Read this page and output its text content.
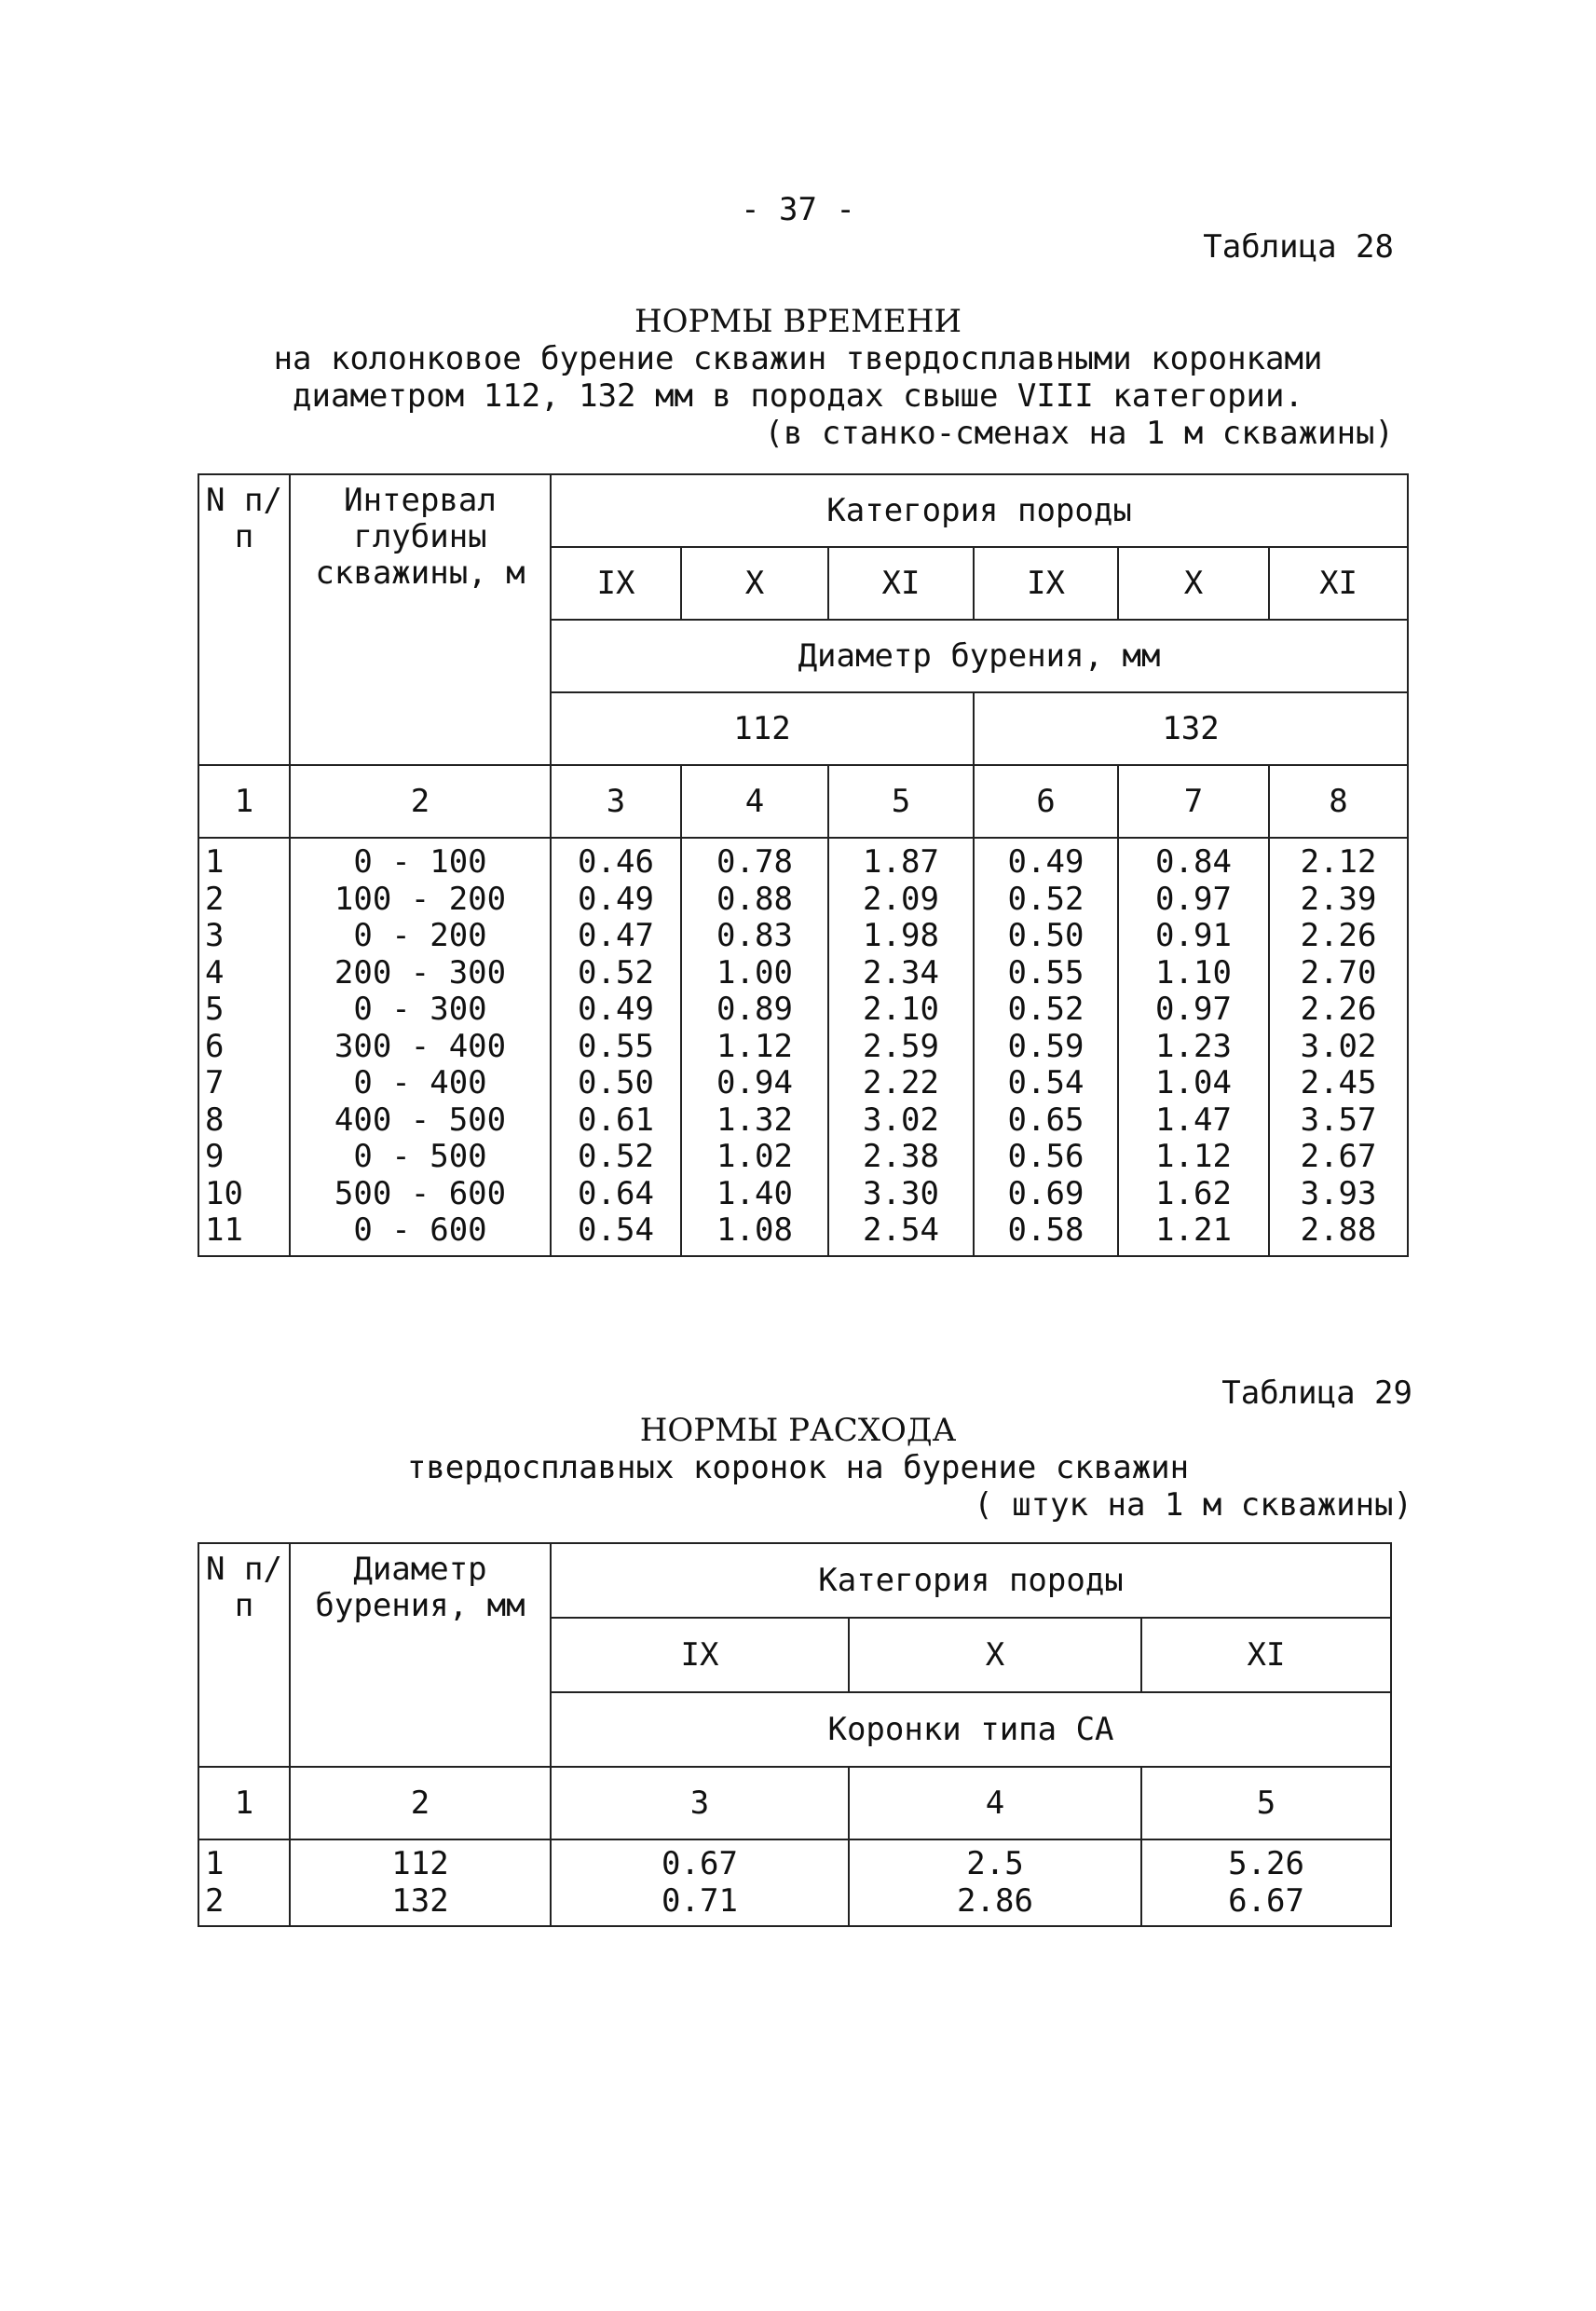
- 37 -
Таблица 28
НОРМЫ ВРЕМЕНИ
на колонковое бурение скважин твердосплавными коронками
диаметром 112, 132 мм в породах свыше VIII категории.
(в станко-сменах на 1 м скважины)
N п/п	Интервал глубины скважины, м	Категория породы					
		IX	X	XI	IX	X	XI
		Диаметр бурения, мм					
		112			132		

1	2	3	4	5	6	7	8
1	0 - 100	0.46	0.78	1.87	0.49	0.84	2.12
2	100 - 200	0.49	0.88	2.09	0.52	0.97	2.39
3	0 - 200	0.47	0.83	1.98	0.50	0.91	2.26
4	200 - 300	0.52	1.00	2.34	0.55	1.10	2.70
5	0 - 300	0.49	0.89	2.10	0.52	0.97	2.26
6	300 - 400	0.55	1.12	2.59	0.59	1.23	3.02
7	0 - 400	0.50	0.94	2.22	0.54	1.04	2.45
8	400 - 500	0.61	1.32	3.02	0.65	1.47	3.57
9	0 - 500	0.52	1.02	2.38	0.56	1.12	2.67
10	500 - 600	0.64	1.40	3.30	0.69	1.62	3.93
11	0 - 600	0.54	1.08	2.54	0.58	1.21	2.88
Таблица 29
НОРМЫ РАСХОДА
твердосплавных коронок на бурение скважин
( штук на 1 м скважины)
N п/п	Диаметр бурения, мм	Категория породы		
		IX	X	XI
		Коронки типа СА		
1	2	3	4	5
1	112	0.67	2.5	5.26
2	132	0.71	2.86	6.67
